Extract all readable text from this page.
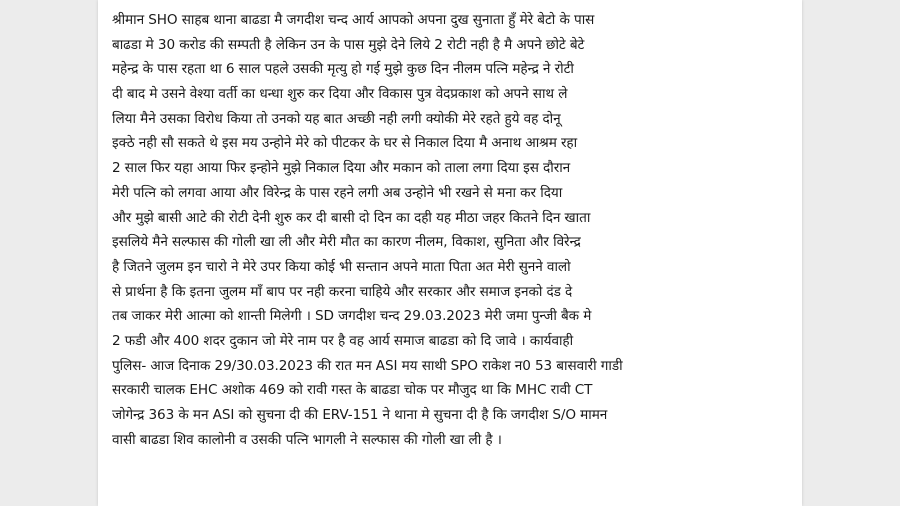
श्रीमान SHO साहब थाना बाढडा मै जगदीश चन्द आर्य आपको अपना दुख सुनाता हुँ मेरे बेटो के पास
बाढडा मे 30 करोड की सम्पती है लेकिन उन के पास मुझे देने लिये 2 रोटी नही है मै अपने छोटे बेटे
महेन्द्र के पास रहता था 6 साल पहले उसकी मृत्यु हो गई मुझे कुछ दिन नीलम पत्नि महेन्द्र ने रोटी
दी बाद मे उसने वेश्या वर्ती का धन्धा शुरु कर दिया और विकास पुत्र वेदप्रकाश को अपने साथ ले
लिया मैने उसका विरोध किया तो उनको यह बात अच्छी नही लगी क्योकी मेरे रहते हुये वह दोनू
इक्ठे नही सौ सकते थे इस मय उन्होने मेरे को पीटकर के घर से निकाल दिया मै अनाथ आश्रम रहा
2 साल फिर यहा आया फिर इन्होने मुझे निकाल दिया और मकान को ताला लगा दिया इस दौरान
मेरी पत्नि को लगवा आया और विरेन्द्र के पास रहने लगी अब उन्होने भी रखने से मना कर दिया
और मुझे बासी आटे की रोटी देनी शुरु कर दी बासी दो दिन का दही यह मीठा जहर कितने दिन खाता
इसलिये मैने सल्फास की गोली खा ली और मेरी मौत का कारण नीलम, विकाश, सुनिता और विरेन्द्र
है जितने जुलम इन चारो ने मेरे उपर किया कोई भी सन्तान अपने माता पिता अत मेरी सुनने वालो
से प्रार्थना है कि इतना जुलम माँ बाप पर नही करना चाहिये और सरकार और समाज इनको दंड दे
तब जाकर मेरी आत्मा को शान्ती मिलेगी । SD जगदीश चन्द 29.03.2023 मेरी जमा पुन्जी बैक मे
2 फडी और 400 शदर दुकान जो मेरे नाम पर है वह आर्य समाज बाढडा को दि जावे । कार्यवाही
पुलिस- आज दिनाक 29/30.03.2023 की रात मन ASI मय साथी SPO राकेश न0 53 बासवारी गाडी
सरकारी चालक EHC अशोक 469 को रावी गस्त के बाढडा चोक पर मौजुद था कि MHC रावी CT
जोगेन्द्र 363 के मन ASI को सुचना दी की ERV-151 ने थाना मे सुचना दी है कि जगदीश S/O मामन
वासी बाढडा शिव कालोनी व उसकी पत्नि भागली ने सल्फास की गोली खा ली है ।
